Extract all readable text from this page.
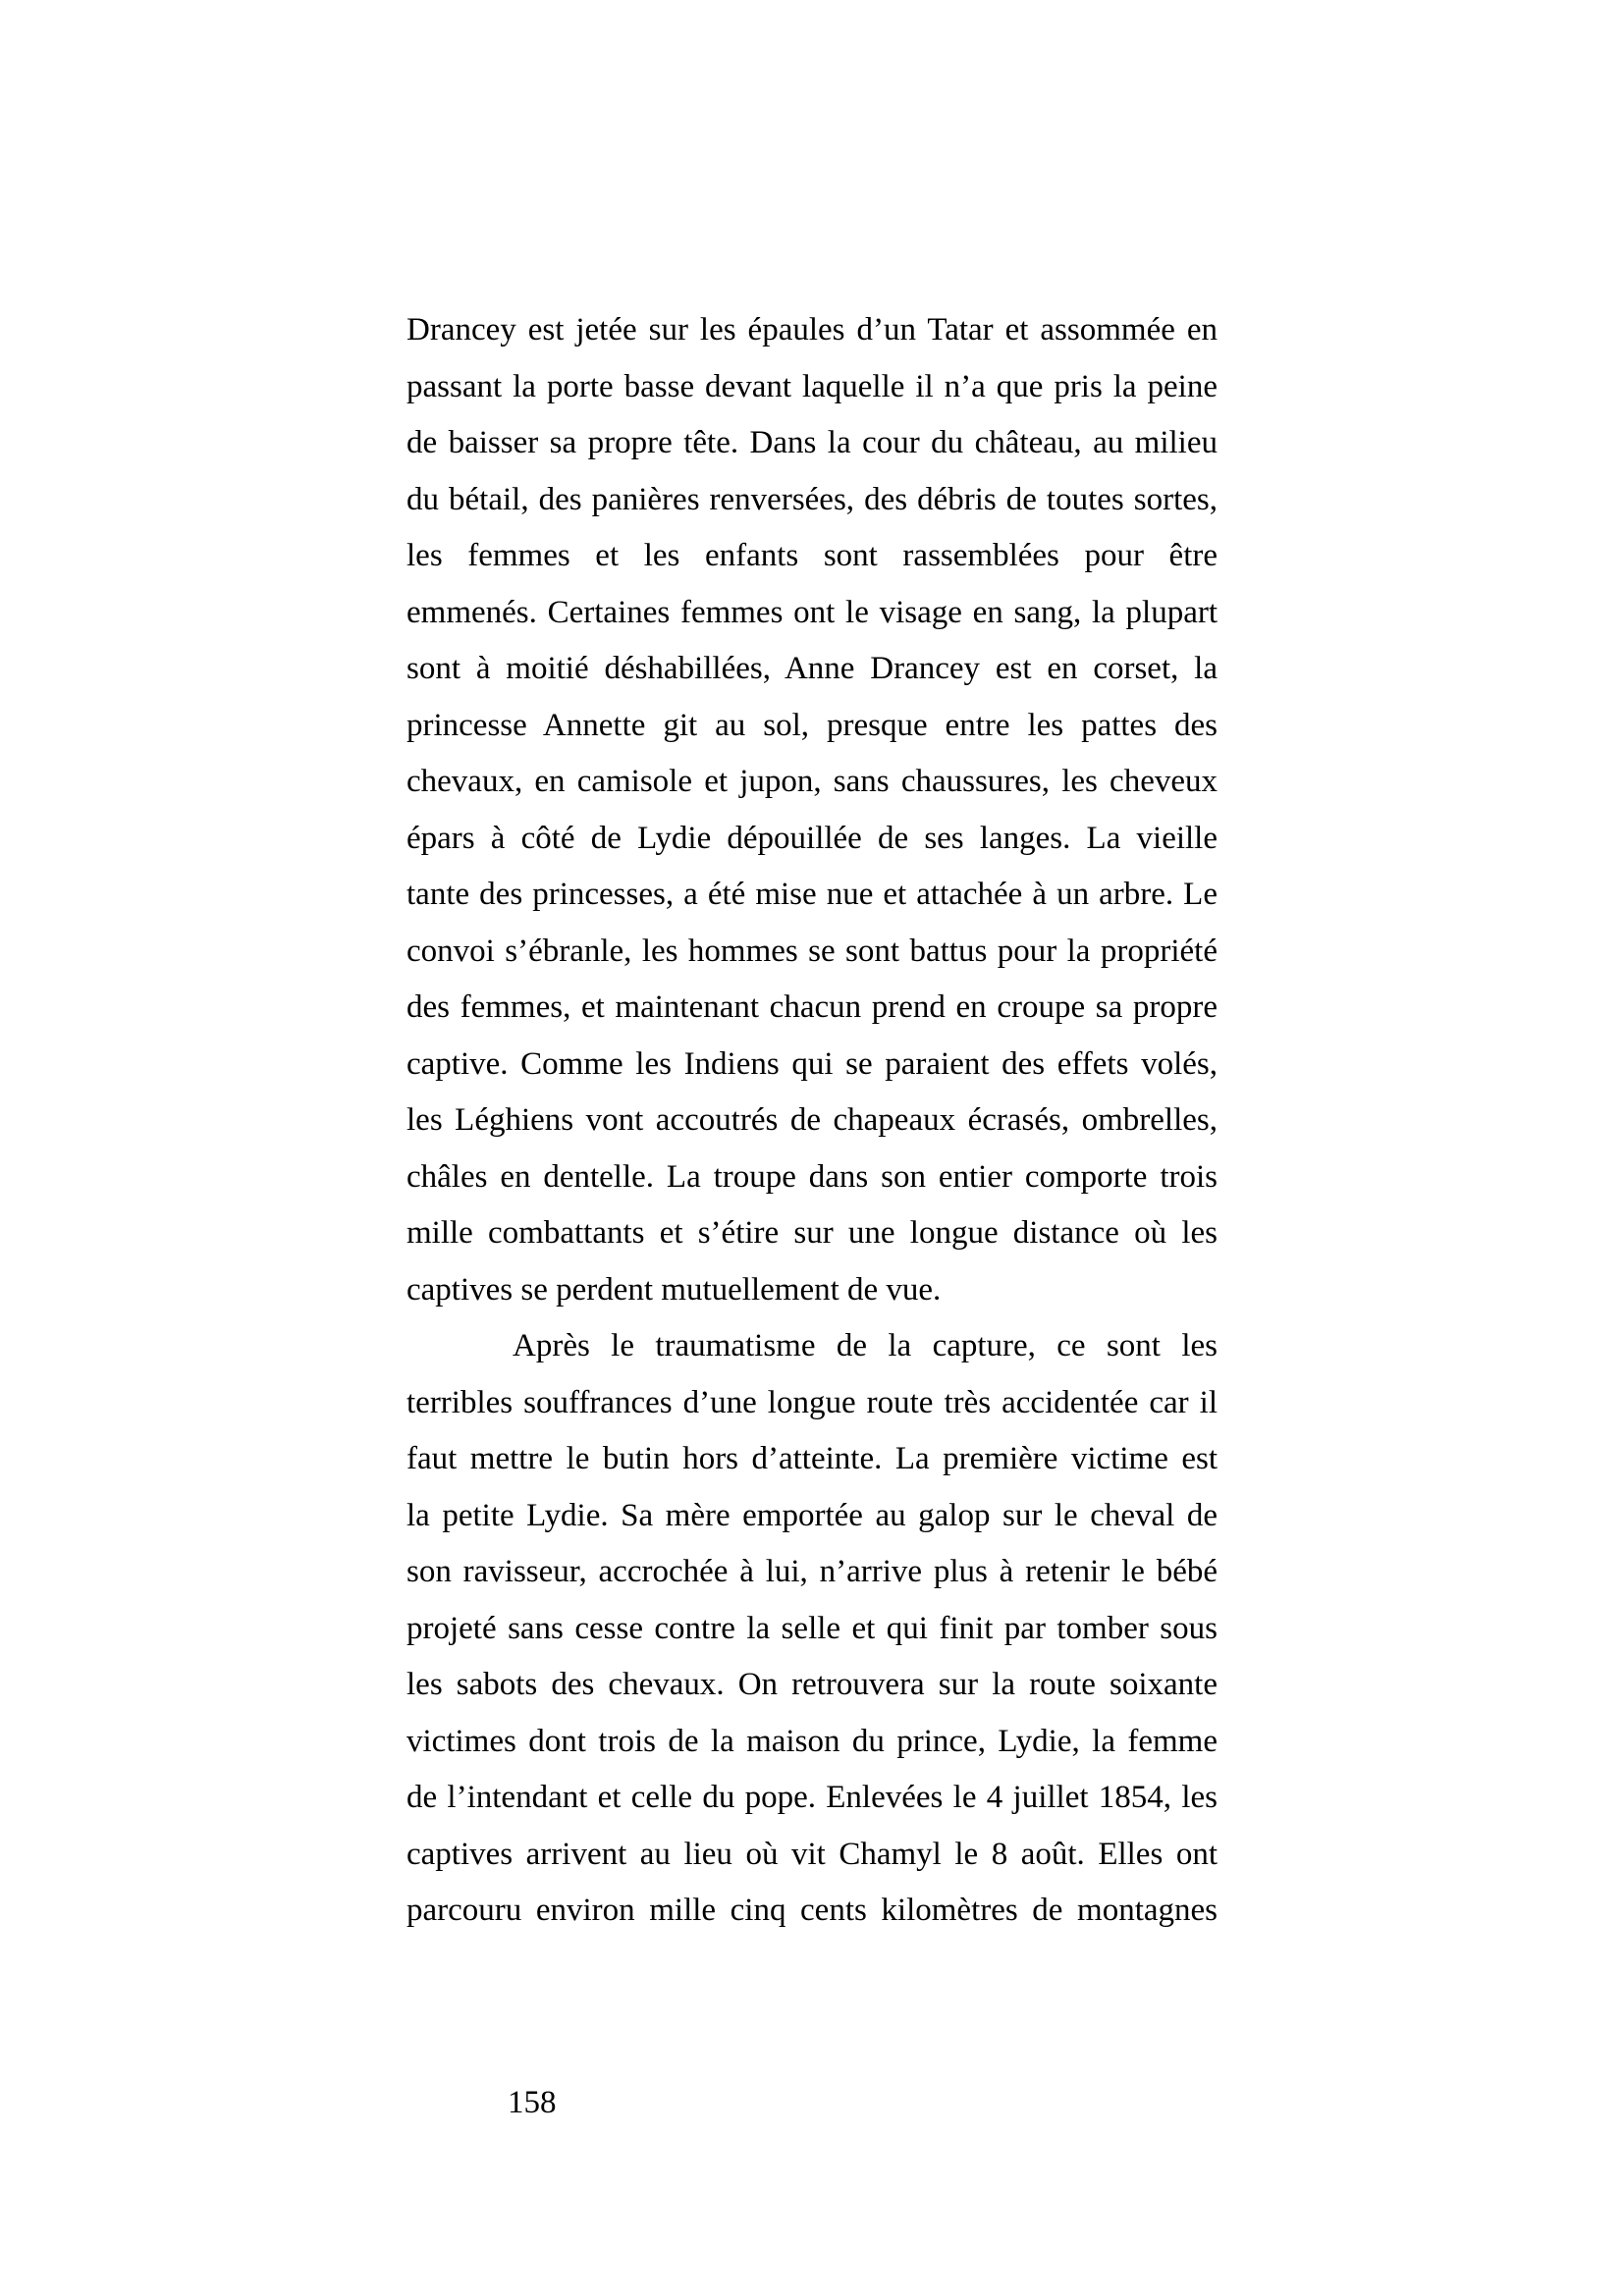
Drancey est jetée sur les épaules d’un Tatar et assommée en
passant la porte basse devant laquelle il n’a que pris la peine
de baisser sa propre tête. Dans la cour du château, au milieu
du bétail, des panières renversées, des débris de toutes sortes,
les femmes et les enfants sont rassemblées pour être
emmenés. Certaines femmes ont le visage en sang, la plupart
sont à moitié déshabillées, Anne Drancey est en corset, la
princesse Annette git au sol, presque entre les pattes des
chevaux, en camisole et jupon, sans chaussures, les cheveux
épars à côté de Lydie dépouillée de ses langes. La vieille
tante des princesses, a été mise nue et attachée à un arbre. Le
convoi s’ébranle, les hommes se sont battus pour la propriété
des femmes, et maintenant chacun prend en croupe sa propre
captive. Comme les Indiens qui se paraient des effets volés,
les Léghiens vont accoutrés de chapeaux écrasés, ombrelles,
châles en dentelle. La troupe dans son entier comporte trois
mille combattants et s’étire sur une longue distance où les
captives se perdent mutuellement de vue.
Après le traumatisme de la capture, ce sont les
terribles souffrances d’une longue route très accidentée car il
faut mettre le butin hors d’atteinte. La première victime est
la petite Lydie. Sa mère emportée au galop sur le cheval de
son ravisseur, accrochée à lui, n’arrive plus à retenir le bébé
projeté sans cesse contre la selle et qui finit par tomber sous
les sabots des chevaux. On retrouvera sur la route soixante
victimes dont trois de la maison du prince, Lydie, la femme
de l’intendant et celle du pope. Enlevées le 4 juillet 1854, les
captives arrivent au lieu où vit Chamyl le 8 août. Elles ont
parcouru environ mille cinq cents kilomètres de montagnes
158
